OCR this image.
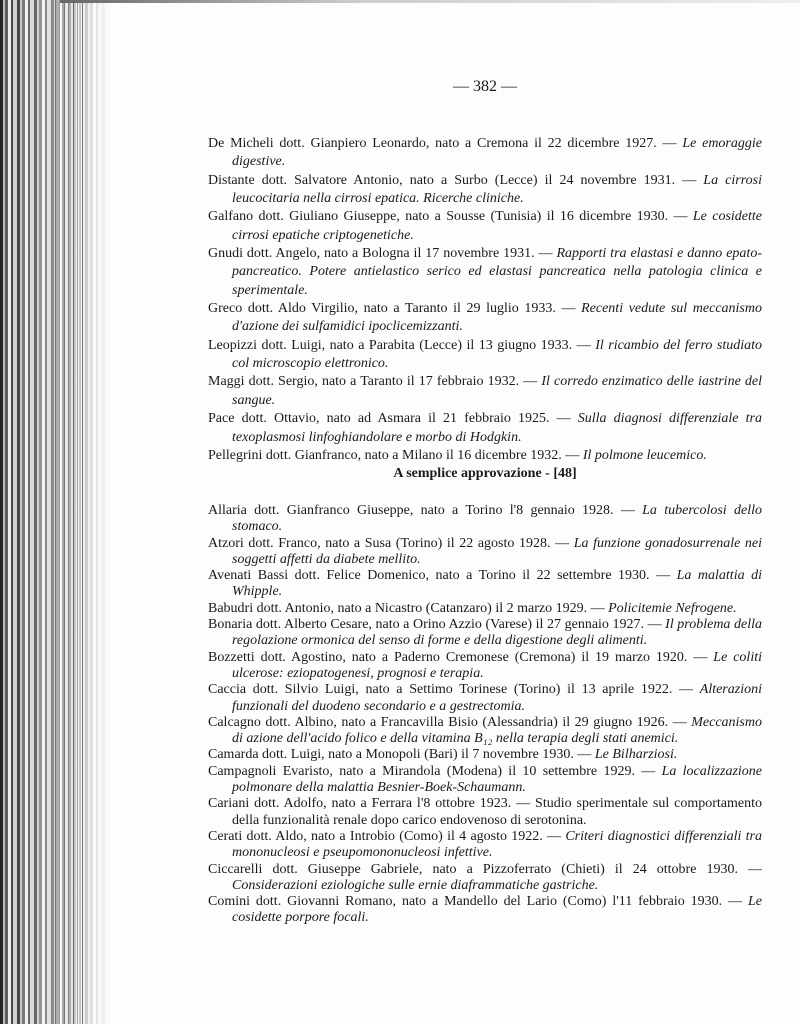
— 382 —

De Micheli dott. Gianpiero Leonardo, nato a Cremona il 22 dicembre 1927. — Le emoraggie digestive.

Distante dott. Salvatore Antonio, nato a Surbo (Lecce) il 24 novembre 1931. — La cirrosi leucocitaria nella cirrosi epatica. Ricerche cliniche.

Galfano dott. Giuliano Giuseppe, nato a Sousse (Tunisia) il 16 dicembre 1930. — Le cosidette cirrosi epatiche criptogenetiche.

Gnudi dott. Angelo, nato a Bologna il 17 novembre 1931. — Rapporti tra elastasi e danno epato-pancreatico. Potere antielastico serico ed elastasi pancreatica nella patologia clinica e sperimentale.

Greco dott. Aldo Virgilio, nato a Taranto il 29 luglio 1933. — Recenti vedute sul meccanismo d'azione dei sulfamidici ipoclicemizzanti.

Leopizzi dott. Luigi, nato a Parabita (Lecce) il 13 giugno 1933. — Il ricambio del ferro studiato col microscopio elettronico.

Maggi dott. Sergio, nato a Taranto il 17 febbraio 1932. — Il corredo enzimatico delle iastrine del sangue.

Pace dott. Ottavio, nato ad Asmara il 21 febbraio 1925. — Sulla diagnosi differenziale tra texoplasmosi linfoghiandolare e morbo di Hodgkin.

Pellegrini dott. Gianfranco, nato a Milano il 16 dicembre 1932. — Il polmone leucemico.

A semplice approvazione - [48]

Allaria dott. Gianfranco Giuseppe, nato a Torino l'8 gennaio 1928. — La tubercolosi dello stomaco.

Atzori dott. Franco, nato a Susa (Torino) il 22 agosto 1928. — La funzione gonadosurrenale nei soggetti affetti da diabete mellito.

Avenati Bassi dott. Felice Domenico, nato a Torino il 22 settembre 1930. — La malattia di Whipple.

Babudri dott. Antonio, nato a Nicastro (Catanzaro) il 2 marzo 1929. — Policitemie Nefrogene.

Bonaria dott. Alberto Cesare, nato a Orino Azzio (Varese) il 27 gennaio 1927. — Il problema della regolazione ormonica del senso di forme e della digestione degli alimenti.

Bozzetti dott. Agostino, nato a Paderno Cremonese (Cremona) il 19 marzo 1920. — Le coliti ulcerose: eziopatogenesi, prognosi e terapia.

Caccia dott. Silvio Luigi, nato a Settimo Torinese (Torino) il 13 aprile 1922. — Alterazioni funzionali del duodeno secondario e a gestrectomia.

Calcagno dott. Albino, nato a Francavilla Bisio (Alessandria) il 29 giugno 1926. — Meccanismo di azione dell'acido folico e della vitamina B₁₂ nella terapia degli stati anemici.

Camarda dott. Luigi, nato a Monopoli (Bari) il 7 novembre 1930. — Le Bilharziosi.

Campagnoli Evaristo, nato a Mirandola (Modena) il 10 settembre 1929. — La localizzazione polmonare della malattia Besnier-Boek-Schaumann.

Cariani dott. Adolfo, nato a Ferrara l'8 ottobre 1923. — Studio sperimentale sul comportamento della funzionalità renale dopo carico endovenoso di serotonina.

Cerati dott. Aldo, nato a Introbio (Como) il 4 agosto 1922. — Criteri diagnostici differenziali tra mononucleosi e pseupomononucleosi infettive.

Ciccarelli dott. Giuseppe Gabriele, nato a Pizzoferrato (Chieti) il 24 ottobre 1930. — Considerazioni eziologiche sulle ernie diaframmatiche gastriche.

Comini dott. Giovanni Romano, nato a Mandello del Lario (Como) l'11 febbraio 1930. — Le cosidette porpore focali.
